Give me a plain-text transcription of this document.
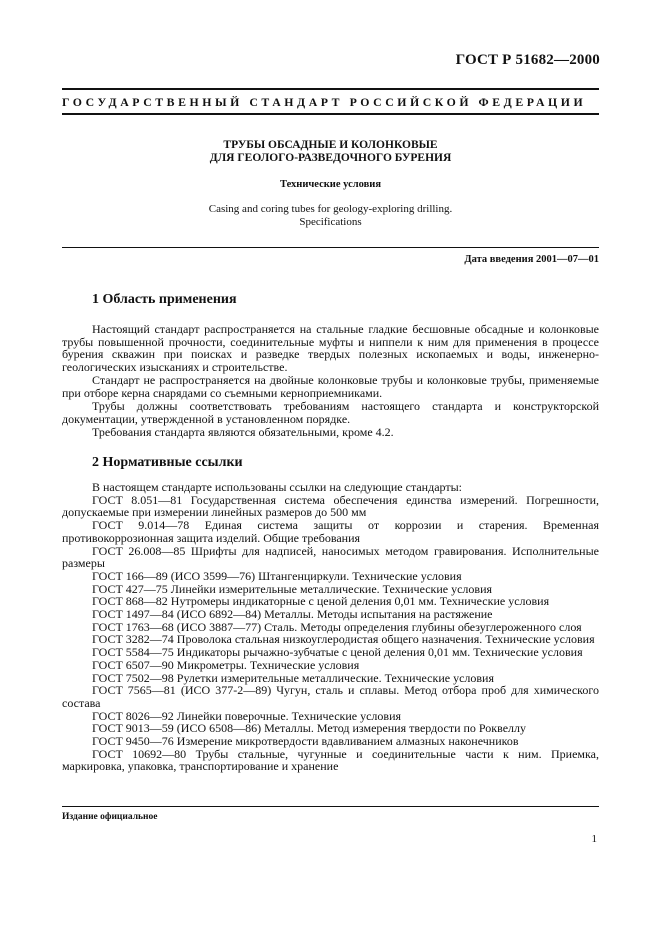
ГОСТ Р 51682—2000
ГОСУДАРСТВЕННЫЙ СТАНДАРТ РОССИЙСКОЙ ФЕДЕРАЦИИ
ТРУБЫ ОБСАДНЫЕ И КОЛОНКОВЫЕ
ДЛЯ ГЕОЛОГО-РАЗВЕДОЧНОГО БУРЕНИЯ
Технические условия
Casing and coring tubes for geology-exploring drilling.
Specifications
Дата введения 2001—07—01
1 Область применения
Настоящий стандарт распространяется на стальные гладкие бесшовные обсадные и колонковые трубы повышенной прочности, соединительные муфты и ниппели к ним для применения в процессе бурения скважин при поисках и разведке твердых полезных ископаемых и воды, инженерно-геологических изысканиях и строительстве.
Стандарт не распространяется на двойные колонковые трубы и колонковые трубы, применяемые при отборе керна снарядами со съемными керноприемниками.
Трубы должны соответствовать требованиям настоящего стандарта и конструкторской документации, утвержденной в установленном порядке.
Требования стандарта являются обязательными, кроме 4.2.
2 Нормативные ссылки
В настоящем стандарте использованы ссылки на следующие стандарты:
ГОСТ 8.051—81 Государственная система обеспечения единства измерений. Погрешности, допускаемые при измерении линейных размеров до 500 мм
ГОСТ 9.014—78 Единая система защиты от коррозии и старения. Временная противокоррозионная защита изделий. Общие требования
ГОСТ 26.008—85 Шрифты для надписей, наносимых методом гравирования. Исполнительные размеры
ГОСТ 166—89 (ИСО 3599—76) Штангенциркули. Технические условия
ГОСТ 427—75 Линейки измерительные металлические. Технические условия
ГОСТ 868—82 Нутромеры индикаторные с ценой деления 0,01 мм. Технические условия
ГОСТ 1497—84 (ИСО 6892—84) Металлы. Методы испытания на растяжение
ГОСТ 1763—68 (ИСО 3887—77) Сталь. Методы определения глубины обезуглероженного слоя
ГОСТ 3282—74 Проволока стальная низкоуглеродистая общего назначения. Технические условия
ГОСТ 5584—75 Индикаторы рычажно-зубчатые с ценой деления 0,01 мм. Технические условия
ГОСТ 6507—90 Микрометры. Технические условия
ГОСТ 7502—98 Рулетки измерительные металлические. Технические условия
ГОСТ 7565—81 (ИСО 377-2—89) Чугун, сталь и сплавы. Метод отбора проб для химического состава
ГОСТ 8026—92 Линейки поверочные. Технические условия
ГОСТ 9013—59 (ИСО 6508—86) Металлы. Метод измерения твердости по Роквеллу
ГОСТ 9450—76 Измерение микротвердости вдавливанием алмазных наконечников
ГОСТ 10692—80 Трубы стальные, чугунные и соединительные части к ним. Приемка, маркировка, упаковка, транспортирование и хранение
Издание официальное
1
